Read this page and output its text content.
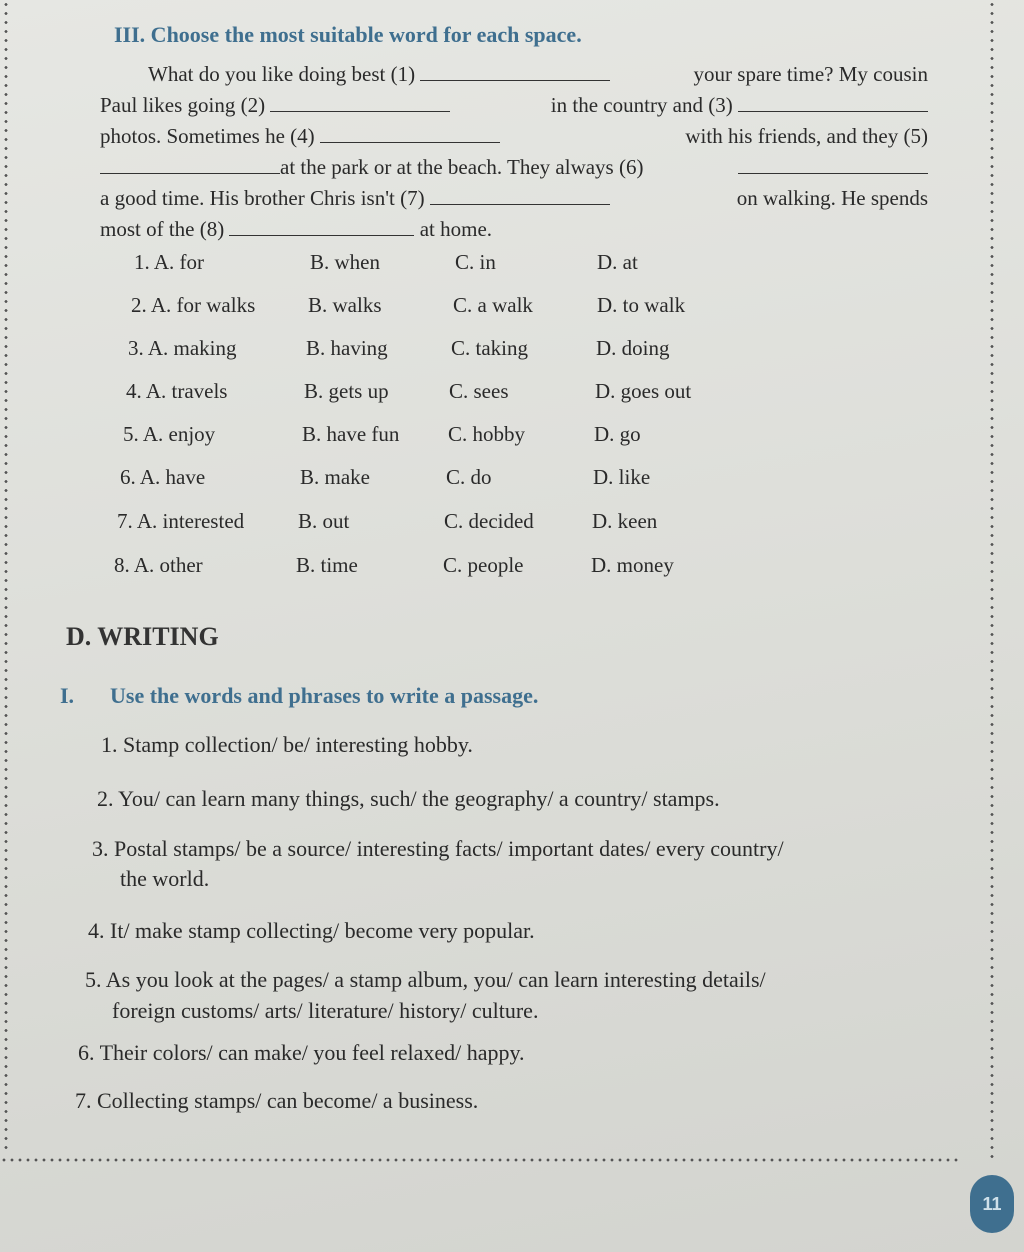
III. Choose the most suitable word for each space.
What do you like doing best (1)	your spare time? My cousin
Paul likes going (2)	in the country and (3)
photos. Sometimes he (4)	with his friends, and they (5)
at the park or at the beach. They always (6)
a good time. His brother Chris isn't (7)	on walking. He spends
most of the (8)	at home.
1. A. for	B. when	C. in	D. at
2. A. for walks	B. walks	C. a walk	D. to walk
3. A. making	B. having	C. taking	D. doing
4. A. travels	B. gets up	C. sees	D. goes out
5. A. enjoy	B. have fun C. hobby	D. go
6. A. have	B. make	C. do	D. like
7. A. interested	B. out	C. decided	D. keen
8. A. other	B. time	C. people	D. money
D. WRITING
I. Use the words and phrases to write a passage.
1. Stamp collection/ be/ interesting hobby.
2. You/ can learn many things, such/ the geography/ a country/ stamps.
3. Postal stamps/ be a source/ interesting facts/ important dates/ every country/
the world.
4. It/ make stamp collecting/ become very popular.
5. As you look at the pages/ a stamp album, you/ can learn interesting details/
foreign customs/ arts/ literature/ history/ culture.
6. Their colors/ can make/ you feel relaxed/ happy.
7. Collecting stamps/ can become/ a business.
11
